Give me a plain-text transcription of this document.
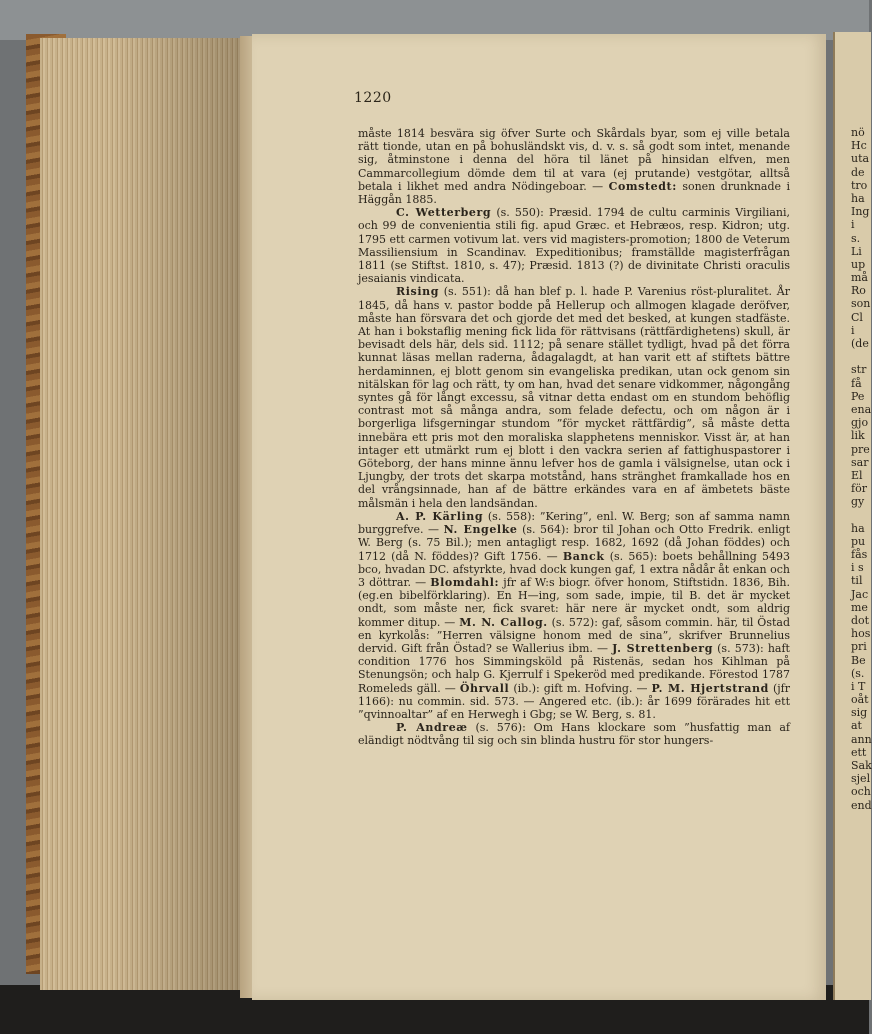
1220

måste 1814 besvära sig öfver Surte och Skårdals byar, som ej ville betala rätt tionde, utan en på bohusländskt vis, d. v. s. så godt som intet, menande sig, åtminstone i denna del höra til länet på hinsidan elfven, men Cammarcollegium dömde dem til at vara (ej prutande) vestgötar, alltså betala i likhet med andra Nödingeboar. — Comstedt: sonen drunknade i Häggån 1885.

C. Wetterberg (s. 550): Præsid. 1794 de cultu carminis Virgiliani, och 99 de convenientia stili fig. apud Græc. et Hebræos, resp. Kidron; utg. 1795 ett carmen votivum lat. vers vid magisters-promotion; 1800 de Veterum Massiliensium in Scandinav. Expeditionibus; framställde magisterfrågan 1811 (se Stiftst. 1810, s. 47); Præsid. 1813 (?) de divinitate Christi oraculis jesaianis vindicata.

Rising (s. 551): då han blef p. l. hade P. Varenius röst-pluralitet. År 1845, då hans v. pastor bodde på Hellerup och allmogen klagade deröfver, måste han försvara det och gjorde det med det besked, at kungen stadfäste. At han i bokstaflig mening fick lida för rättvisans (rättfärdighetens) skull, är bevisadt dels här, dels sid. 1112; på senare stället tydligt, hvad på det förra kunnat läsas mellan raderna, ådagalagdt, at han varit ett af stiftets bättre herdaminnen, ej blott genom sin evangeliska predikan, utan ock genom sin nitälskan för lag och rätt, ty om han, hvad det senare vidkommer, någongång syntes gå för långt excessu, så vitnar detta endast om en stundom behöflig contrast mot så många andra, som felade defectu, och om någon är i borgerliga lifsgerningar stundom ”för mycket rättfärdig”, så måste detta innebära ett pris mot den moraliska slapphetens menniskor. Visst är, at han intager ett utmärkt rum ej blott i den vackra serien af fattighuspastorer i Göteborg, der hans minne ännu lefver hos de gamla i välsignelse, utan ock i Ljungby, der trots det skarpa motstånd, hans stränghet framkallade hos en del vrångsinnade, han af de bättre erkändes vara en af ämbetets bäste målsmän i hela den landsändan.

A. P. Kärling (s. 558): ”Kering”, enl. W. Berg; son af samma namn burggrefve. — N. Engelke (s. 564): bror til Johan och Otto Fredrik. enligt W. Berg (s. 75 Bil.); men antagligt resp. 1682, 1692 (då Johan föddes) och 1712 (då N. föddes)? Gift 1756. — Banck (s. 565): boets behållning 5493 bco, hvadan DC. afstyrkte, hvad dock kungen gaf, 1 extra nådår åt enkan och 3 döttrar. — Blomdahl: jfr af W:s biogr. öfver honom, Stiftstidn. 1836, Bih. (eg.en bibelförklaring). En H—ing, som sade, impie, til B. det är mycket ondt, som måste ner, fick svaret: här nere är mycket ondt, som aldrig kommer ditup. — M. N. Callog. (s. 572): gaf, såsom commin. här, til Östad en kyrkolås: ”Herren välsigne honom med de sina”, skrifver Brunnelius dervid. Gift från Östad? se Wallerius ibm. — J. Strettenberg (s. 573): haft condition 1776 hos Simmingsköld på Ristenäs, sedan hos Kihlman på Stenungsön; och halp G. Kjerrulf i Spekeröd med predikande. Förestod 1787 Romeleds gäll. — Öhrvall (ib.): gift m. Hofving. — P. M. Hjertstrand (jfr 1166): nu commin. sid. 573. — Angered etc. (ib.): år 1699 förärades hit ett ”qvinnoaltar” af en Herwegh i Gbg; se W. Berg, s. 81.

P. Andreæ (s. 576): Om Hans klockare som ”husfattig man af eländigt nödtvång til sig och sin blinda hustru för stor hungers-

nö
Hc
uta
de
tro
ha
Ing
i
s.
Li
up
må
Ro
son
Cl
i
(de
str
få
Pe
ena
gjo
lik
pre
sar
El
för
gy
ha
pu
fås
i s
til
Jac
me
dot
hos
pri
Be
(s.
i T
oåt
sig
at
ann
ett
Sak
sjel
och
end
